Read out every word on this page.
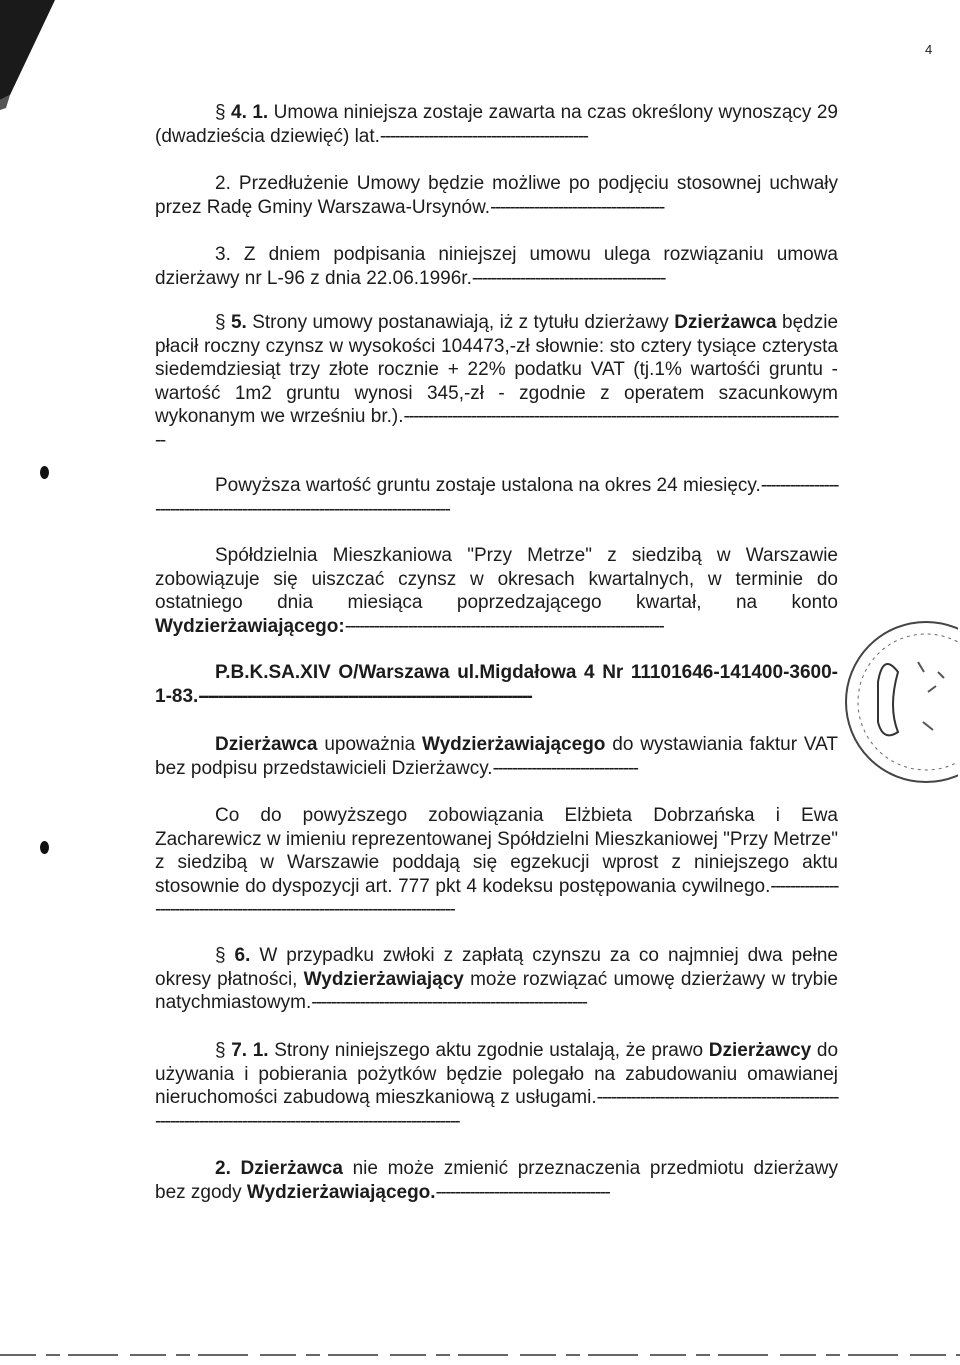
4

§ 4. 1. Umowa niniejsza zostaje zawarta na czas określony wynoszący 29 (dwadzieścia dziewięć) lat.-------------------------------------------

2. Przedłużenie Umowy będzie możliwe po podjęciu stosownej uchwały przez Radę Gminy Warszawa-Ursynów.------------------------------------

3. Z dniem podpisania niniejszej umowu ulega rozwiązaniu umowa dzierżawy nr L-96 z dnia 22.06.1996r.----------------------------------------

§ 5. Strony umowy postanawiają, iż z tytułu dzierżawy Dzierżawca będzie płacił roczny czynsz w wysokości 104473,-zł słownie: sto cztery tysiące czterysta siedemdziesiąt trzy złote rocznie + 22% podatku VAT (tj.1% wartośći gruntu - wartość 1m2 gruntu wynosi 345,-zł - zgodnie z operatem szacunkowym wykonanym we wrześniu br.).--------------------------------------------------------------------------------------------

Powyższa wartość gruntu zostaje ustalona na okres 24 miesięcy.-----------------------------------------------------------------------------

Spółdzielnia Mieszkaniowa "Przy Metrze" z siedzibą w Warszawie zobowiązuje się uiszczać czynsz w okresach kwartalnych, w terminie do ostatniego dnia miesiąca poprzedzającego kwartał, na konto Wydzierżawiającego:------------------------------------------------------------------

P.B.K.SA.XIV O/Warszawa ul.Migdałowa 4 Nr 11101646-141400-3600-1-83.---------------------------------------------------------------------

Dzierżawca upoważnia Wydzierżawiającego do wystawiania faktur VAT bez podpisu przedstawicieli Dzierżawcy.------------------------------

Co do powyższego zobowiązania Elżbieta Dobrzańska i Ewa Zacharewicz w imieniu reprezentowanej Spółdzielni Mieszkaniowej "Przy Metrze" z siedzibą w Warszawie poddają się egzekucji wprost z niniejszego aktu stosownie do dyspozycji art. 777 pkt 4 kodeksu postępowania cywilnego.----------------------------------------------------------------------------

§ 6. W przypadku zwłoki z zapłatą czynszu za co najmniej dwa pełne okresy płatności, Wydzierżawiający może rozwiązać umowę dzierżawy w trybie natychmiastowym.---------------------------------------------------------

§ 7. 1. Strony niniejszego aktu zgodnie ustalają, że prawo Dzierżawcy do używania i pobierania pożytków będzie polegało na zabudowaniu omawianej nieruchomości zabudową mieszkaniową z usługami.-----------------------------------------------------------------------------------------------------------------

2. Dzierżawca nie może zmienić przeznaczenia przedmiotu dzierżawy bez zgody Wydzierżawiającego.------------------------------------
